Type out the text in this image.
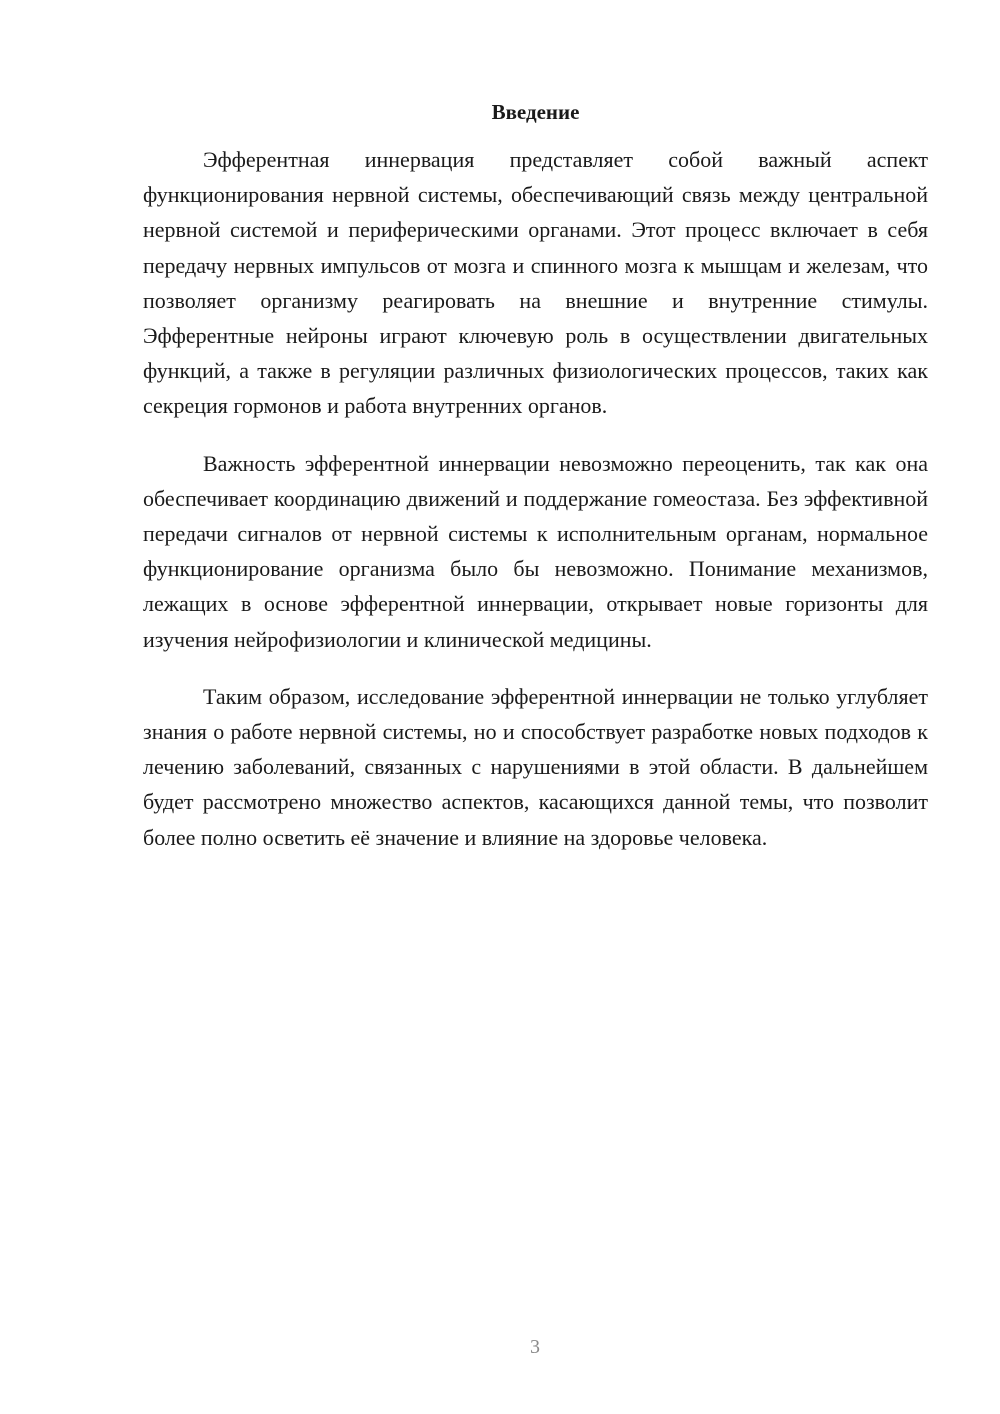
Введение

Эфферентная иннервация представляет собой важный аспект функционирования нервной системы, обеспечивающий связь между центральной нервной системой и периферическими органами. Этот процесс включает в себя передачу нервных импульсов от мозга и спинного мозга к мышцам и железам, что позволяет организму реагировать на внешние и внутренние стимулы. Эфферентные нейроны играют ключевую роль в осуществлении двигательных функций, а также в регуляции различных физиологических процессов, таких как секреция гормонов и работа внутренних органов.

Важность эфферентной иннервации невозможно переоценить, так как она обеспечивает координацию движений и поддержание гомеостаза. Без эффективной передачи сигналов от нервной системы к исполнительным органам, нормальное функционирование организма было бы невозможно. Понимание механизмов, лежащих в основе эфферентной иннервации, открывает новые горизонты для изучения нейрофизиологии и клинической медицины.

Таким образом, исследование эфферентной иннервации не только углубляет знания о работе нервной системы, но и способствует разработке новых подходов к лечению заболеваний, связанных с нарушениями в этой области. В дальнейшем будет рассмотрено множество аспектов, касающихся данной темы, что позволит более полно осветить её значение и влияние на здоровье человека.

3
